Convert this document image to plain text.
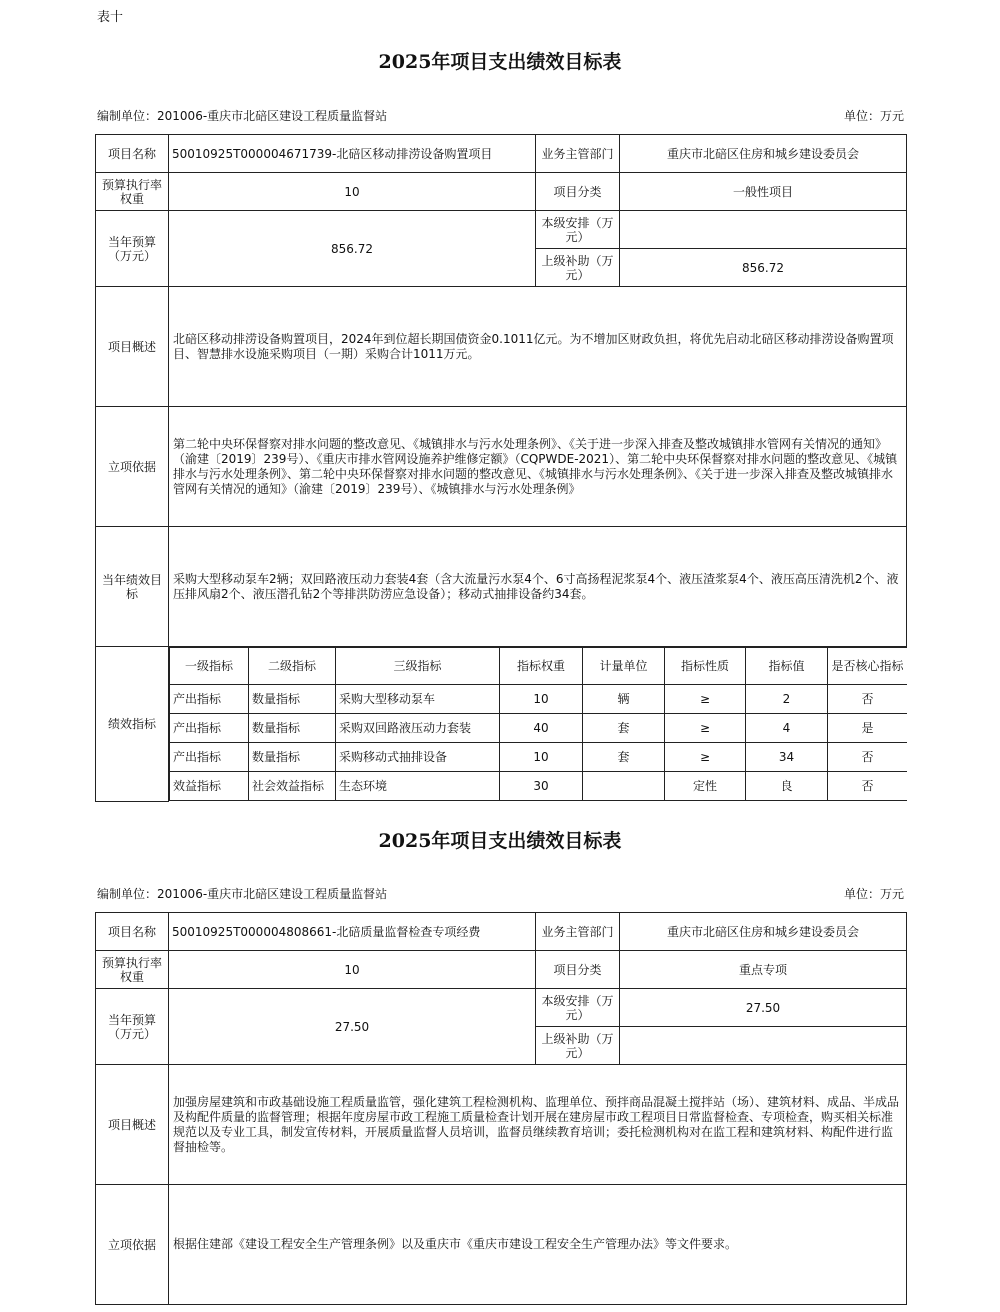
表十
2025年项目支出绩效目标表
编制单位：201006-重庆市北碚区建设工程质量监督站	单位：万元
项目名称	50010925T000004671739-北碚区移动排涝设备购置项目	业务主管部门	重庆市北碚区住房和城乡建设委员会
预算执行率权重	10	项目分类	一般性项目
当年预算（万元）	856.72	本级安排（万元）	
上级补助（万元）	856.72
项目概述	北碚区移动排涝设备购置项目，2024年到位超长期国债资金0.1011亿元。为不增加区财政负担，将优先启动北碚区移动排涝设备购置项目、智慧排水设施采购项目（一期）采购合计1011万元。
立项依据	第二轮中央环保督察对排水问题的整改意见、《城镇排水与污水处理条例》、《关于进一步深入排查及整改城镇排水管网有关情况的通知》（渝建〔2019〕239号）、《重庆市排水管网设施养护维修定额》（CQPWDE-2021）、第二轮中央环保督察对排水问题的整改意见、《城镇排水与污水处理条例》、第二轮中央环保督察对排水问题的整改意见、《城镇排水与污水处理条例》、《关于进一步深入排查及整改城镇排水管网有关情况的通知》（渝建〔2019〕239号）、《城镇排水与污水处理条例》
当年绩效目标	采购大型移动泵车2辆；双回路液压动力套装4套（含大流量污水泵4个、6寸高扬程泥浆泵4个、液压渣浆泵4个、液压高压清洗机2个、液压排风扇2个、液压潜孔钻2个等排洪防涝应急设备）；移动式抽排设备约34套。
绩效指标	
一级指标	二级指标	三级指标	指标权重	计量单位	指标性质	指标值	是否核心指标
产出指标	数量指标	采购大型移动泵车	10	辆	≥	2	否
产出指标	数量指标	采购双回路液压动力套装	40	套	≥	4	是
产出指标	数量指标	采购移动式抽排设备	10	套	≥	34	否
效益指标	社会效益指标	生态环境	30		定性	良	否
2025年项目支出绩效目标表
编制单位：201006-重庆市北碚区建设工程质量监督站	单位：万元
项目名称	50010925T000004808661-北碚质量监督检查专项经费	业务主管部门	重庆市北碚区住房和城乡建设委员会
预算执行率权重	10	项目分类	重点专项
当年预算（万元）	27.50	本级安排（万元）	27.50
		上级补助（万元）	
项目概述	加强房屋建筑和市政基础设施工程质量监管，强化建筑工程检测机构、监理单位、预拌商品混凝土搅拌站（场）、建筑材料、成品、半成品及构配件质量的监督管理；根据年度房屋市政工程施工质量检查计划开展在建房屋市政工程项目日常监督检查、专项检查，购买相关标准规范以及专业工具，制发宣传材料，开展质量监督人员培训，监督员继续教育培训；委托检测机构对在监工程和建筑材料、构配件进行监督抽检等。		
立项依据	根据住建部《建设工程安全生产管理条例》以及重庆市《重庆市建设工程安全生产管理办法》等文件要求。		
